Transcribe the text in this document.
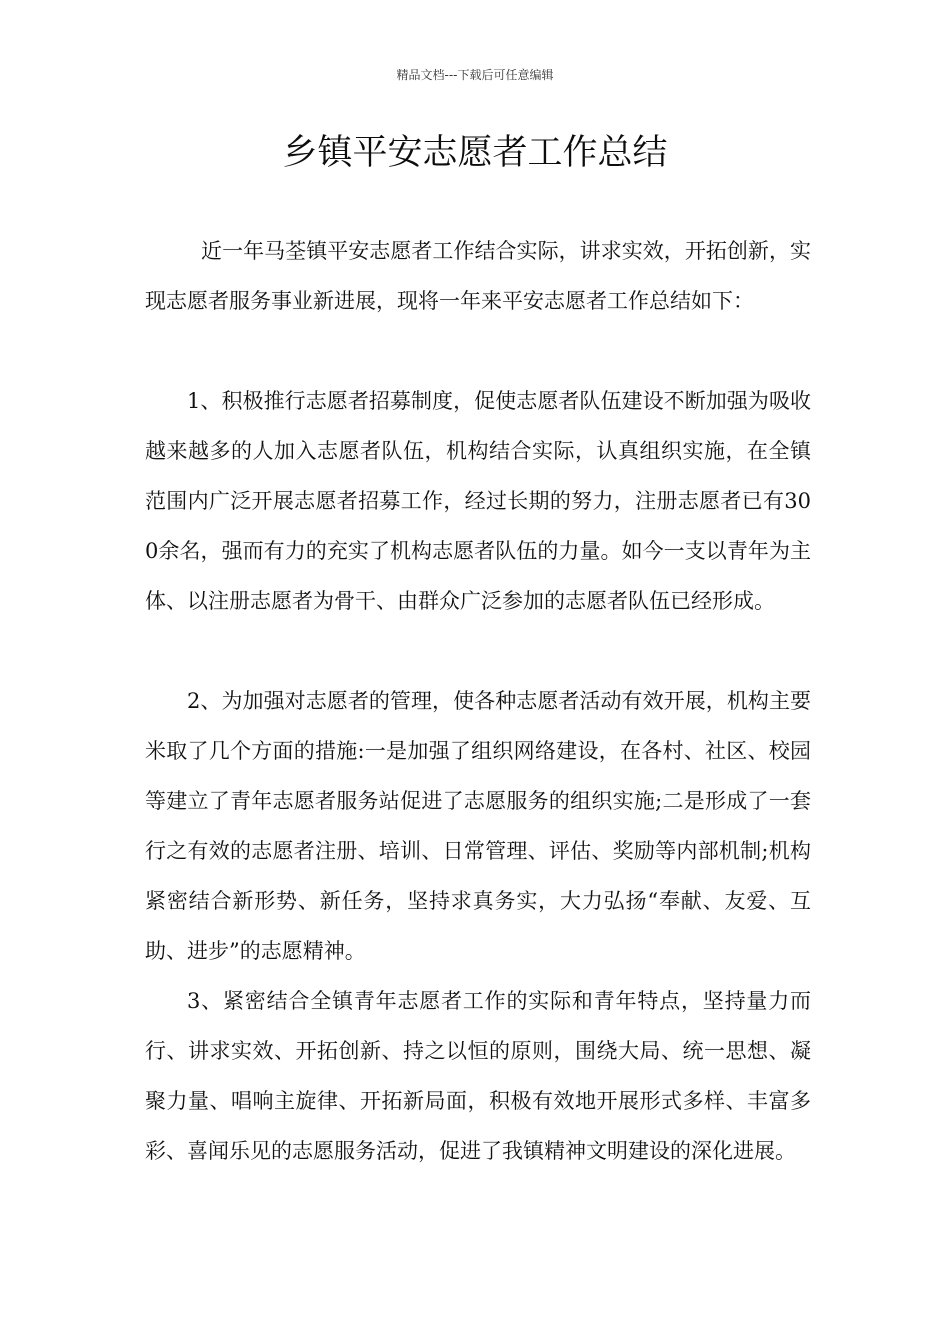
精品文档---下载后可任意编辑
乡镇平安志愿者工作总结

近一年马荃镇平安志愿者工作结合实际，讲求实效，开拓创新，实现志愿者服务事业新进展，现将一年来平安志愿者工作总结如下：

1、积极推行志愿者招募制度，促使志愿者队伍建设不断加强为吸收越来越多的人加入志愿者队伍，机构结合实际，认真组织实施，在全镇范围内广泛开展志愿者招募工作，经过长期的努力，注册志愿者已有300余名，强而有力的充实了机构志愿者队伍的力量。如今一支以青年为主体、以注册志愿者为骨干、由群众广泛参加的志愿者队伍已经形成。

2、为加强对志愿者的管理，使各种志愿者活动有效开展，机构主要米取了几个方面的措施:一是加强了组织网络建设，在各村、社区、校园等建立了青年志愿者服务站促进了志愿服务的组织实施;二是形成了一套行之有效的志愿者注册、培训、日常管理、评估、奖励等内部机制;机构紧密结合新形势、新任务，坚持求真务实，大力弘扬“奉献、友爱、互助、进步”的志愿精神。

3、紧密结合全镇青年志愿者工作的实际和青年特点，坚持量力而行、讲求实效、开拓创新、持之以恒的原则，围绕大局、统一思想、凝聚力量、唱响主旋律、开拓新局面，积极有效地开展形式多样、丰富多彩、喜闻乐见的志愿服务活动，促进了我镇精神文明建设的深化进展。
